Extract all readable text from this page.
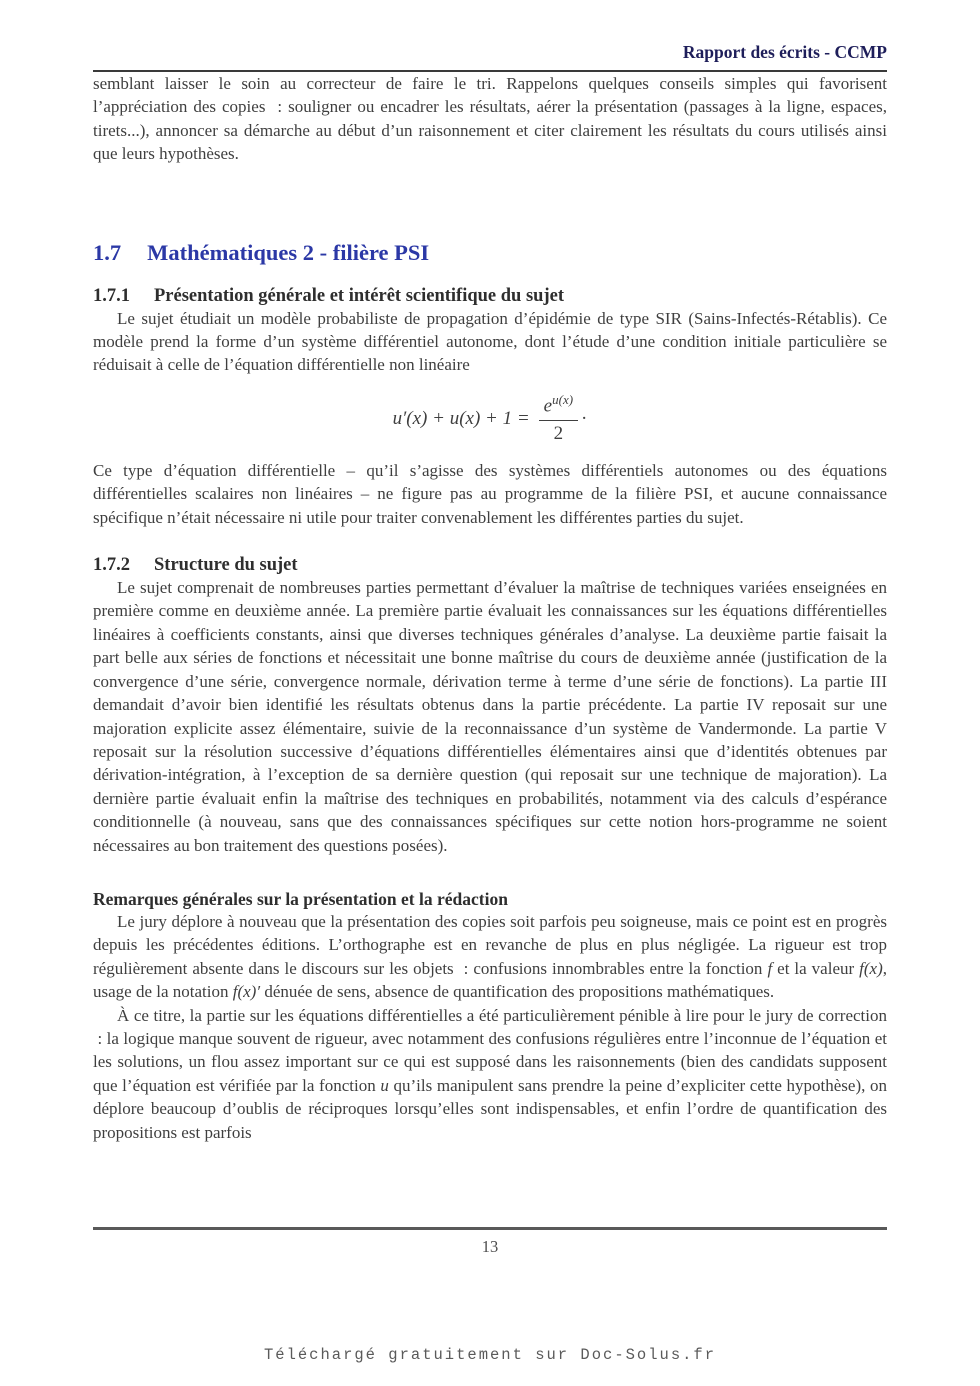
Rapport des écrits - CCMP

semblant laisser le soin au correcteur de faire le tri. Rappelons quelques conseils simples qui favorisent l’appréciation des copies  : souligner ou encadrer les résultats, aérer la présentation (passages à la ligne, espaces, tirets...), annoncer sa démarche au début d’un raisonnement et citer clairement les résultats du cours utilisés ainsi que leurs hypothèses.

1.7 Mathématiques 2 - filière PSI
1.7.1 Présentation générale et intérêt scientifique du sujet

Le sujet étudiait un modèle probabiliste de propagation d’épidémie de type SIR (Sains-Infectés-Rétablis). Ce modèle prend la forme d’un système différentiel autonome, dont l’étude d’une condition initiale particulière se réduisait à celle de l’équation différentielle non linéaire

$u'(x) + u(x) + 1 = \frac{e^{u(x)}}{2}$ ·

Ce type d’équation différentielle – qu’il s’agisse des systèmes différentiels autonomes ou des équations différentielles scalaires non linéaires – ne figure pas au programme de la filière PSI, et aucune connaissance spécifique n’était nécessaire ni utile pour traiter convenablement les différentes parties du sujet.

1.7.2 Structure du sujet

Le sujet comprenait de nombreuses parties permettant d’évaluer la maîtrise de techniques variées enseignées en première comme en deuxième année. La première partie évaluait les connaissances sur les équations différentielles linéaires à coefficients constants, ainsi que diverses techniques générales d’analyse. La deuxième partie faisait la part belle aux séries de fonctions et nécessitait une bonne maîtrise du cours de deuxième année (justification de la convergence d’une série, convergence normale, dérivation terme à terme d’une série de fonctions). La partie III demandait d’avoir bien identifié les résultats obtenus dans la partie précédente. La partie IV reposait sur une majoration explicite assez élémentaire, suivie de la reconnaissance d’un système de Vandermonde. La partie V reposait sur la résolution successive d’équations différentielles élémentaires ainsi que d’identités obtenues par dérivation-intégration, à l’exception de sa dernière question (qui reposait sur une technique de majoration). La dernière partie évaluait enfin la maîtrise des techniques en probabilités, notamment via des calculs d’espérance conditionnelle (à nouveau, sans que des connaissances spécifiques sur cette notion hors-programme ne soient nécessaires au bon traitement des questions posées).

Remarques générales sur la présentation et la rédaction

Le jury déplore à nouveau que la présentation des copies soit parfois peu soigneuse, mais ce point est en progrès depuis les précédentes éditions. L’orthographe est en revanche de plus en plus négligée. La rigueur est trop régulièrement absente dans le discours sur les objets  : confusions innombrables entre la fonction f et la valeur f(x), usage de la notation f(x)′ dénuée de sens, absence de quantification des propositions mathématiques.

À ce titre, la partie sur les équations différentielles a été particulièrement pénible à lire pour le jury de correction  : la logique manque souvent de rigueur, avec notamment des confusions régulières entre l’inconnue de l’équation et les solutions, un flou assez important sur ce qui est supposé dans les raisonnements (bien des candidats supposent que l’équation est vérifiée par la fonction u qu’ils manipulent sans prendre la peine d’expliciter cette hypothèse), on déplore beaucoup d’oublis de réciproques lorsqu’elles sont indispensables, et enfin l’ordre de quantification des propositions est parfois

13
Téléchargé gratuitement sur Doc-Solus.fr
